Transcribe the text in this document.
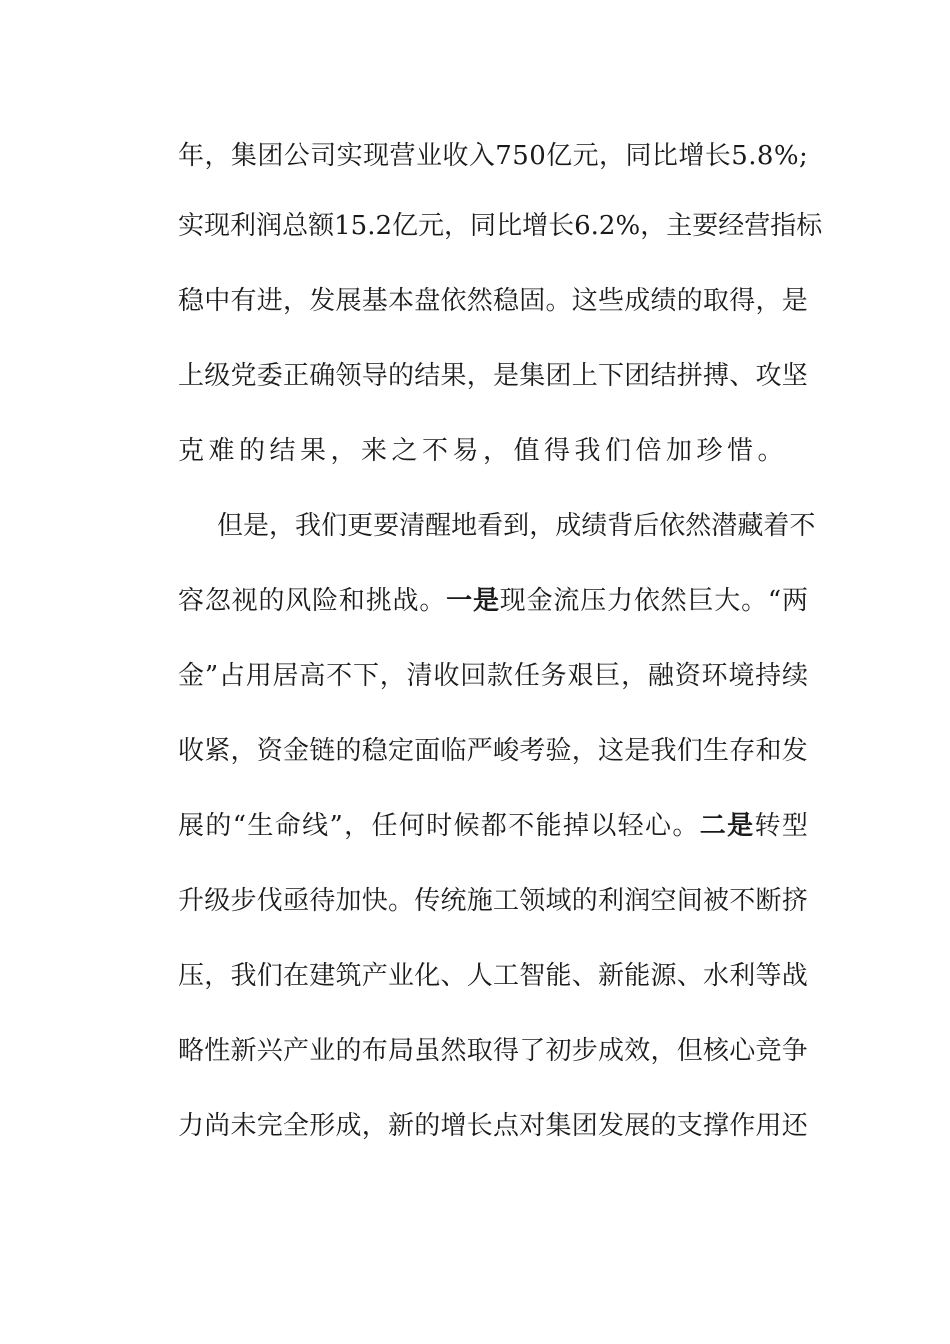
年 ， 集 团 公 司 实 现 营 业 收 入 7 5 0 亿 元 ， 同 比 增 长 5 . 8 % ;
实 现 利 润 总 额 1 5 . 2 亿 元 ， 同 比 增 长 6 . 2 % ， 主 要 经 营 指 标
稳 中 有 进 ， 发 展 基 本 盘 依 然 稳 固 。 这 些 成 绩 的 取 得 ， 是
上 级 党 委 正 确 领 导 的 结 果 ， 是 集 团 上 下 团 结 拼 搏 、 攻 坚
克难的结果，来之不易，值得我们倍加珍惜。
但 是 ， 我 们 更 要 清 醒 地 看 到 ， 成 绩 背 后 依 然 潜 藏 着 不
容 忽 视 的 风 险 和 挑 战 。 一 是 现 金 流 压 力 依 然 巨 大 。 “ 两
金 ” 占 用 居 高 不 下 ， 清 收 回 款 任 务 艰 巨 ， 融 资 环 境 持 续
收 紧 ， 资 金 链 的 稳 定 面 临 严 峻 考 验 ， 这 是 我 们 生 存 和 发
展 的 “ 生 命 线 ” ， 任 何 时 候 都 不 能 掉 以 轻 心 。 二 是 转 型
升 级 步 伐 亟 待 加 快 。 传 统 施 工 领 域 的 利 润 空 间 被 不 断 挤
压 ， 我 们 在 建 筑 产 业 化 、 人 工 智 能 、 新 能 源 、 水 利 等 战
略 性 新 兴 产 业 的 布 局 虽 然 取 得 了 初 步 成 效 ， 但 核 心 竞 争
力 尚 未 完 全 形 成 ， 新 的 增 长 点 对 集 团 发 展 的 支 撑 作 用 还
